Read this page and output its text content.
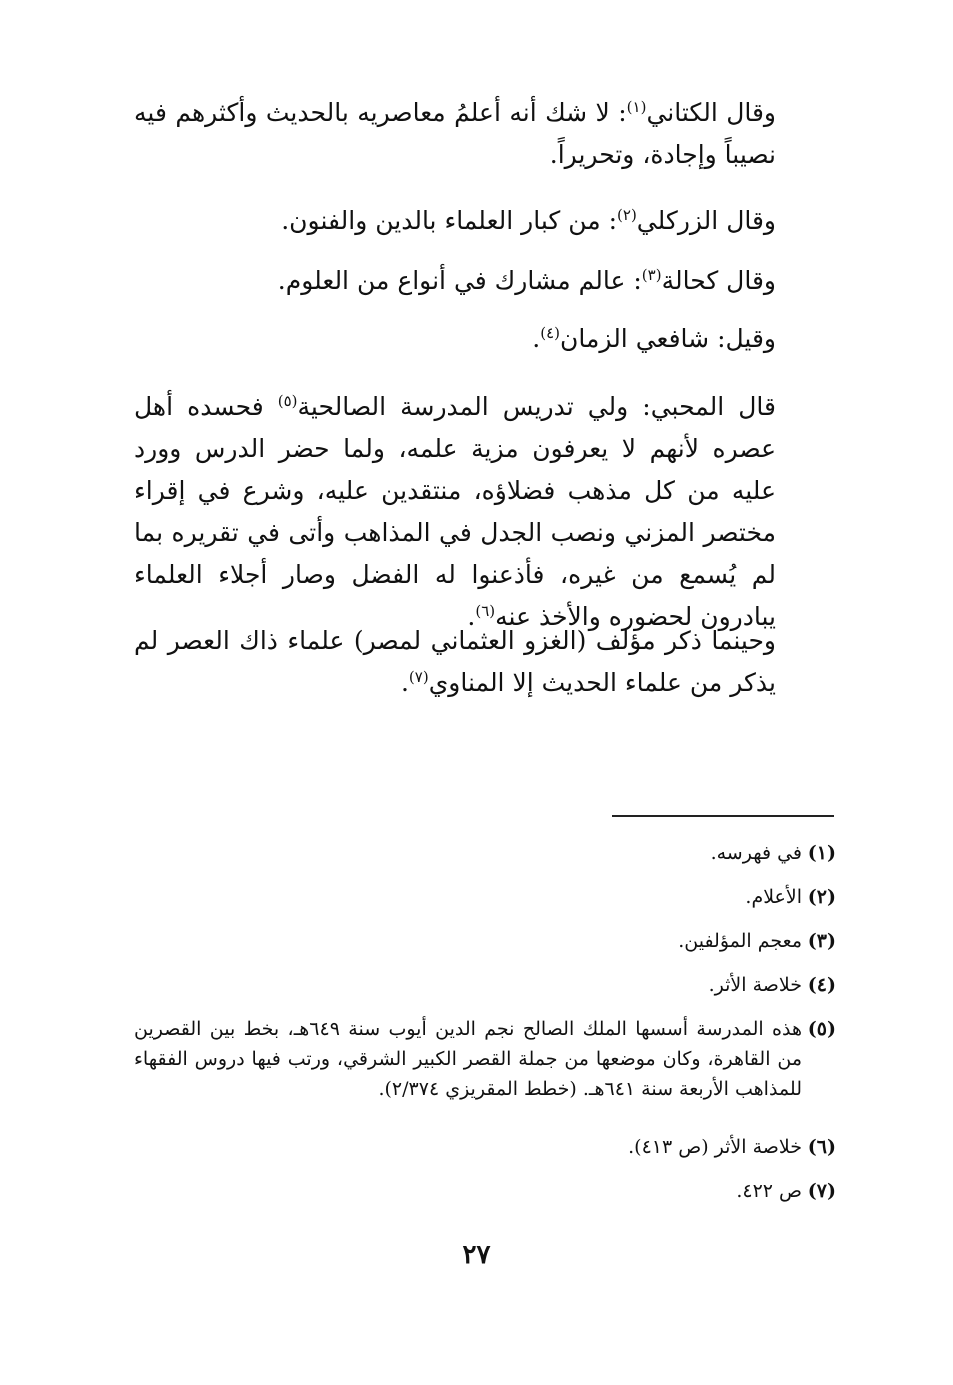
وقال الكتاني$^{(١)}$: لا شك أنه أعلمُ معاصريه بالحديث وأكثرهم فيه نصيباً وإجادة، وتحريراً.

وقال الزركلي$^{(٢)}$: من كبار العلماء بالدين والفنون.

وقال كحالة$^{(٣)}$: عالم مشارك في أنواع من العلوم.

وقيل: شافعي الزمان$^{(٤)}$.

قال المحبي: ولي تدريس المدرسة الصالحية$^{(٥)}$ فحسده أهل عصره لأنهم لا يعرفون مزية علمه، ولما حضر الدرس وورد عليه من كل مذهب فضلاؤه، منتقدين عليه، وشرع في إقراء مختصر المزني ونصب الجدل في المذاهب وأتى في تقريره بما لم يُسمع من غيره، فأذعنوا له الفضل وصار أجلاء العلماء يبادرون لحضوره والأخذ عنه$^{(٦)}$.

وحينما ذكر مؤلف (الغزو العثماني لمصر) علماء ذاك العصر لم يذكر من علماء الحديث إلا المناوي$^{(٧)}$.

(١)في فهرسه.
(٢)الأعلام.
(٣)معجم المؤلفين.
(٤)خلاصة الأثر.
(٥)
هذه المدرسة أسسها الملك الصالح نجم الدين أيوب سنة ٦٤٩هـ، بخط بين القصرين من القاهرة، وكان موضعها من جملة القصر الكبير الشرقي، ورتب فيها دروس الفقهاء للمذاهب الأربعة سنة ٦٤١هـ. (خطط المقريزي ٢/٣٧٤).
(٦)خلاصة الأثر (ص ٤١٣).
(٧)ص ٤٢٢.
٢٧
